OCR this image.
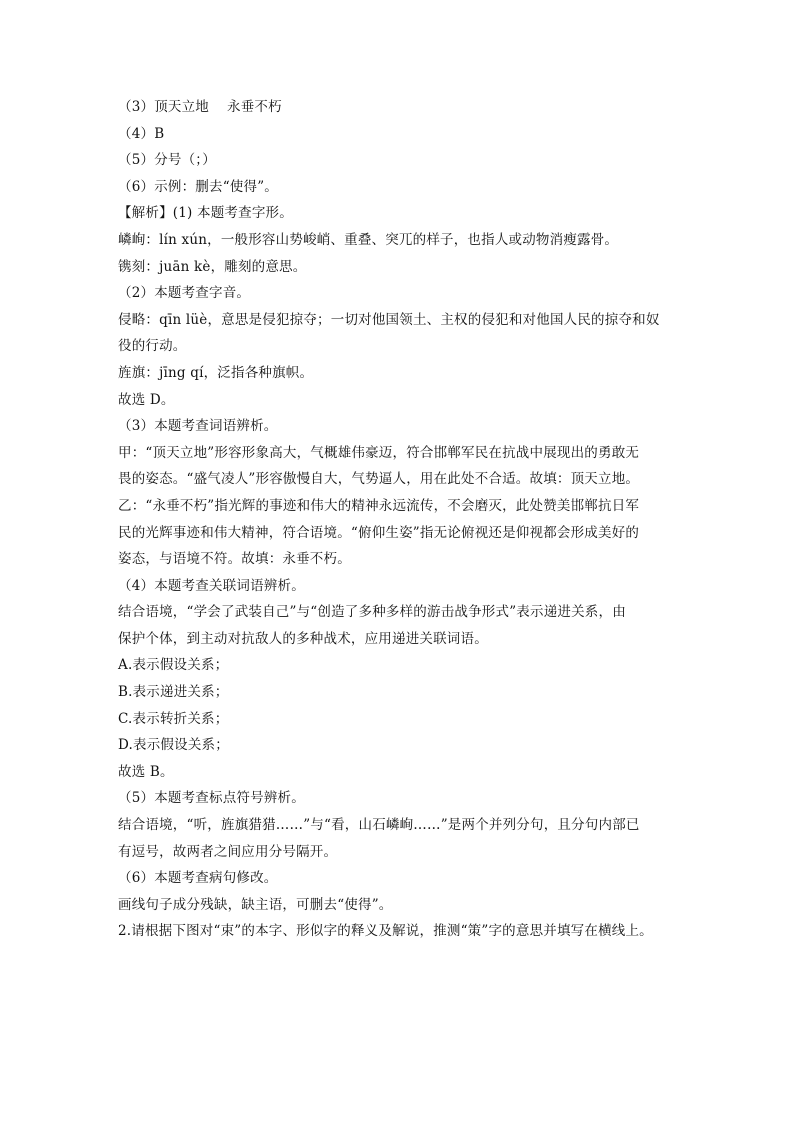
（3）顶天立地 永垂不朽
（4）B
（5）分号（；）
（6）示例：删去“使得”。
【解析】(1) 本题考查字形。
嶙峋：lín xún，一般形容山势峻峭、重叠、突兀的样子，也指人或动物消瘦露骨。
镌刻：juān kè，雕刻的意思。
（2）本题考查字音。
侵略：qīn lüè，意思是侵犯掠夺；一切对他国领土、主权的侵犯和对他国人民的掠夺和奴
役的行动。
旌旗：jīng qí，泛指各种旗帜。
故选 D。
（3）本题考查词语辨析。
甲：“顶天立地”形容形象高大，气概雄伟豪迈，符合邯郸军民在抗战中展现出的勇敢无
畏的姿态。“盛气凌人”形容傲慢自大，气势逼人，用在此处不合适。故填：顶天立地。
乙：“永垂不朽”指光辉的事迹和伟大的精神永远流传，不会磨灭，此处赞美邯郸抗日军
民的光辉事迹和伟大精神，符合语境。“俯仰生姿”指无论俯视还是仰视都会形成美好的
姿态，与语境不符。故填：永垂不朽。
（4）本题考查关联词语辨析。
结合语境，“学会了武装自己”与“创造了多种多样的游击战争形式”表示递进关系，由
保护个体，到主动对抗敌人的多种战术，应用递进关联词语。
A.表示假设关系；
B.表示递进关系；
C.表示转折关系；
D.表示假设关系；
故选 B。
（5）本题考查标点符号辨析。
结合语境，“听，旌旗猎猎……”与“看，山石嶙峋……”是两个并列分句，且分句内部已
有逗号，故两者之间应用分号隔开。
（6）本题考查病句修改。
画线句子成分残缺，缺主语，可删去“使得”。
2.请根据下图对“束”的本字、形似字的释义及解说，推测“策”字的意思并填写在横线上。
